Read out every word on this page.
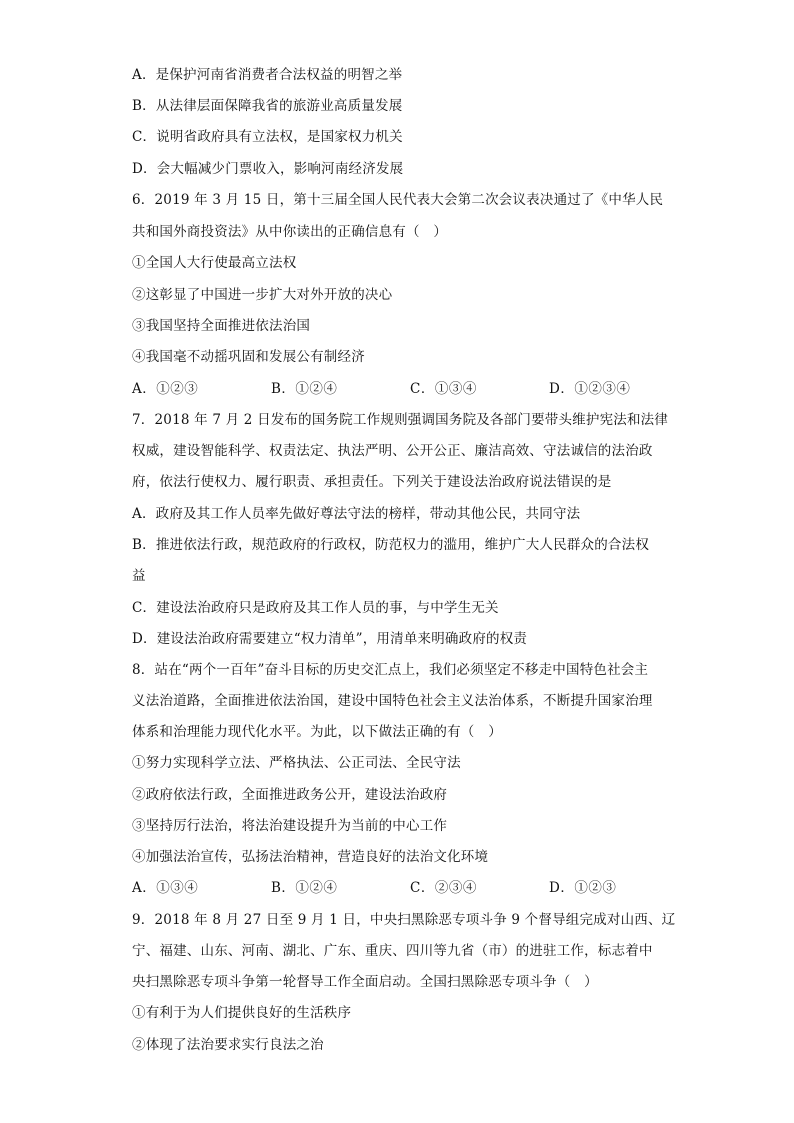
A．是保护河南省消费者合法权益的明智之举
B．从法律层面保障我省的旅游业高质量发展
C．说明省政府具有立法权，是国家权力机关
D．会大幅减少门票收入，影响河南经济发展
6．2019 年 3 月 15 日，第十三届全国人民代表大会第二次会议表决通过了《中华人民
共和国外商投资法》从中你读出的正确信息有（　）
①全国人大行使最高立法权
②这彰显了中国进一步扩大对外开放的决心
③我国坚持全面推进依法治国
④我国毫不动摇巩固和发展公有制经济
A．①②③	B．①②④	C．①③④	D．①②③④
7．2018 年 7 月 2 日发布的国务院工作规则强调国务院及各部门要带头维护宪法和法律
权威，建设智能科学、权责法定、执法严明、公开公正、廉洁高效、守法诚信的法治政
府，依法行使权力、履行职责、承担责任。下列关于建设法治政府说法错误的是
A．政府及其工作人员率先做好尊法守法的榜样，带动其他公民，共同守法
B．推进依法行政，规范政府的行政权，防范权力的滥用，维护广大人民群众的合法权
益
C．建设法治政府只是政府及其工作人员的事，与中学生无关
D．建设法治政府需要建立“权力清单”，用清单来明确政府的权责
8．站在“两个一百年”奋斗目标的历史交汇点上，我们必须坚定不移走中国特色社会主
义法治道路，全面推进依法治国，建设中国特色社会主义法治体系，不断提升国家治理
体系和治理能力现代化水平。为此，以下做法正确的有（　）
①努力实现科学立法、严格执法、公正司法、全民守法
②政府依法行政，全面推进政务公开，建设法治政府
③坚持厉行法治，将法治建设提升为当前的中心工作
④加强法治宣传，弘扬法治精神，营造良好的法治文化环境
A．①③④	B．①②④	C．②③④	D．①②③
9．2018 年 8 月 27 日至 9 月 1 日，中央扫黑除恶专项斗争 9 个督导组完成对山西、辽
宁、福建、山东、河南、湖北、广东、重庆、四川等九省（市）的进驻工作，标志着中
央扫黑除恶专项斗争第一轮督导工作全面启动。全国扫黑除恶专项斗争（　）
①有利于为人们提供良好的生活秩序
②体现了法治要求实行良法之治
